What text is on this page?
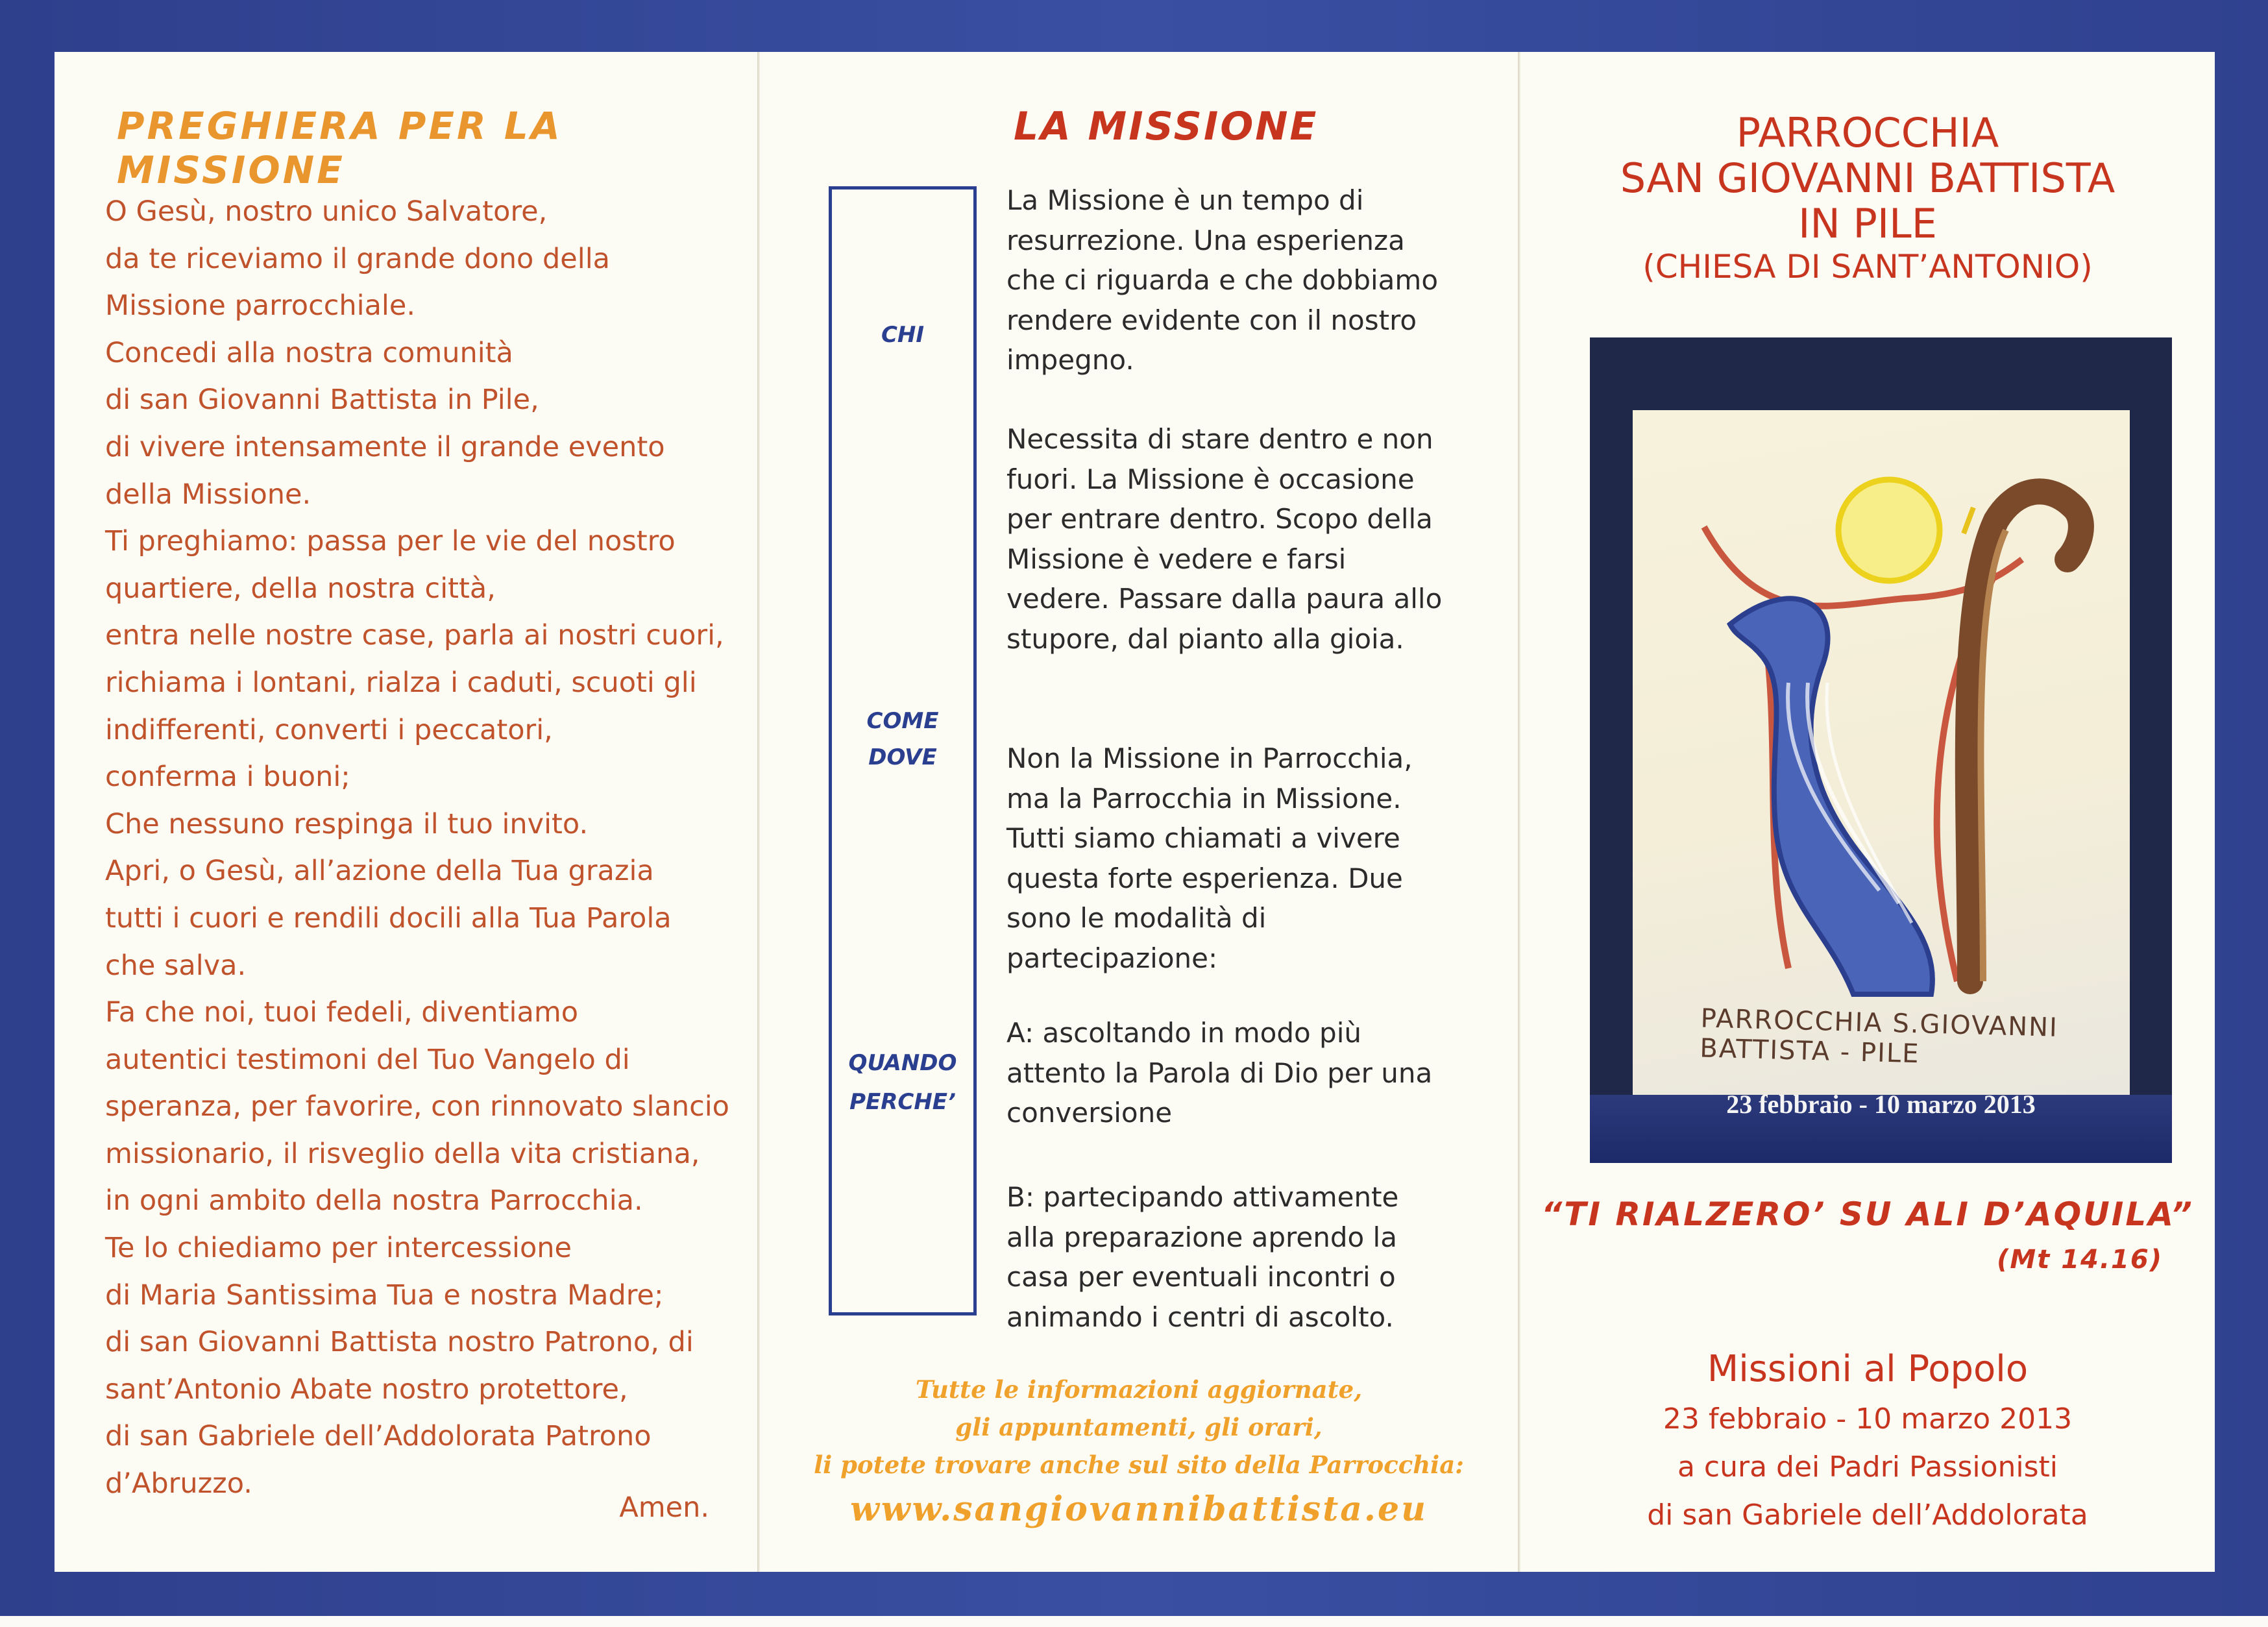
PREGHIERA PER LA MISSIONE
O Gesù, nostro unico Salvatore,
da te riceviamo il grande dono della
Missione parrocchiale.
Concedi alla nostra comunità
di san Giovanni Battista in Pile,
di vivere intensamente il grande evento
della Missione.
Ti preghiamo: passa per le vie del nostro
quartiere, della nostra città,
entra nelle nostre case, parla ai nostri cuori,
richiama i lontani, rialza i caduti, scuoti gli
indifferenti, converti i peccatori,
conferma i buoni;
Che nessuno respinga il tuo invito.
Apri, o Gesù, all’azione della Tua grazia
tutti i cuori e rendili docili alla Tua Parola
che salva.
Fa che noi, tuoi fedeli, diventiamo
autentici testimoni del Tuo Vangelo di
speranza, per favorire, con rinnovato slancio
missionario, il risveglio della vita cristiana,
in ogni ambito della nostra Parrocchia.
Te lo chiediamo per intercessione
di Maria Santissima Tua e nostra Madre;
di san Giovanni Battista nostro Patrono, di
sant’Antonio Abate nostro protettore,
di san Gabriele dell’Addolorata Patrono
d’Abruzzo.
Amen.
LA MISSIONE
CHI
COME
DOVE
QUANDO
PERCHE’
La Missione è un tempo di
resurrezione. Una esperienza
che ci riguarda e che dobbiamo
rendere evidente con il nostro
impegno.
Necessita di stare dentro e non
fuori. La Missione è occasione
per entrare dentro. Scopo della
Missione è vedere e farsi
vedere. Passare dalla paura allo
stupore, dal pianto alla gioia.
Non la Missione in Parrocchia,
ma la Parrocchia in Missione.
Tutti siamo chiamati a vivere
questa forte esperienza. Due
sono le modalità di
partecipazione:
A: ascoltando in modo più
attento la Parola di Dio per una
conversione
B: partecipando attivamente
alla preparazione aprendo la
casa per eventuali incontri o
animando i centri di ascolto.
Tutte le informazioni aggiornate,
gli appuntamenti, gli orari,
li potete trovare anche sul sito della Parrocchia:
www.sangiovannibattista.eu
PARROCCHIA
SAN GIOVANNI BATTISTA
IN PILE
(CHIESA DI SANT’ANTONIO)
PARROCCHIA S.GIOVANNI
BATTISTA - PILE
23 febbraio - 10 marzo 2013
“TI RIALZERO’ SU ALI D’AQUILA”
(Mt 14.16)
Missioni al Popolo
23 febbraio - 10 marzo 2013
a cura dei Padri Passionisti
di san Gabriele dell’Addolorata
